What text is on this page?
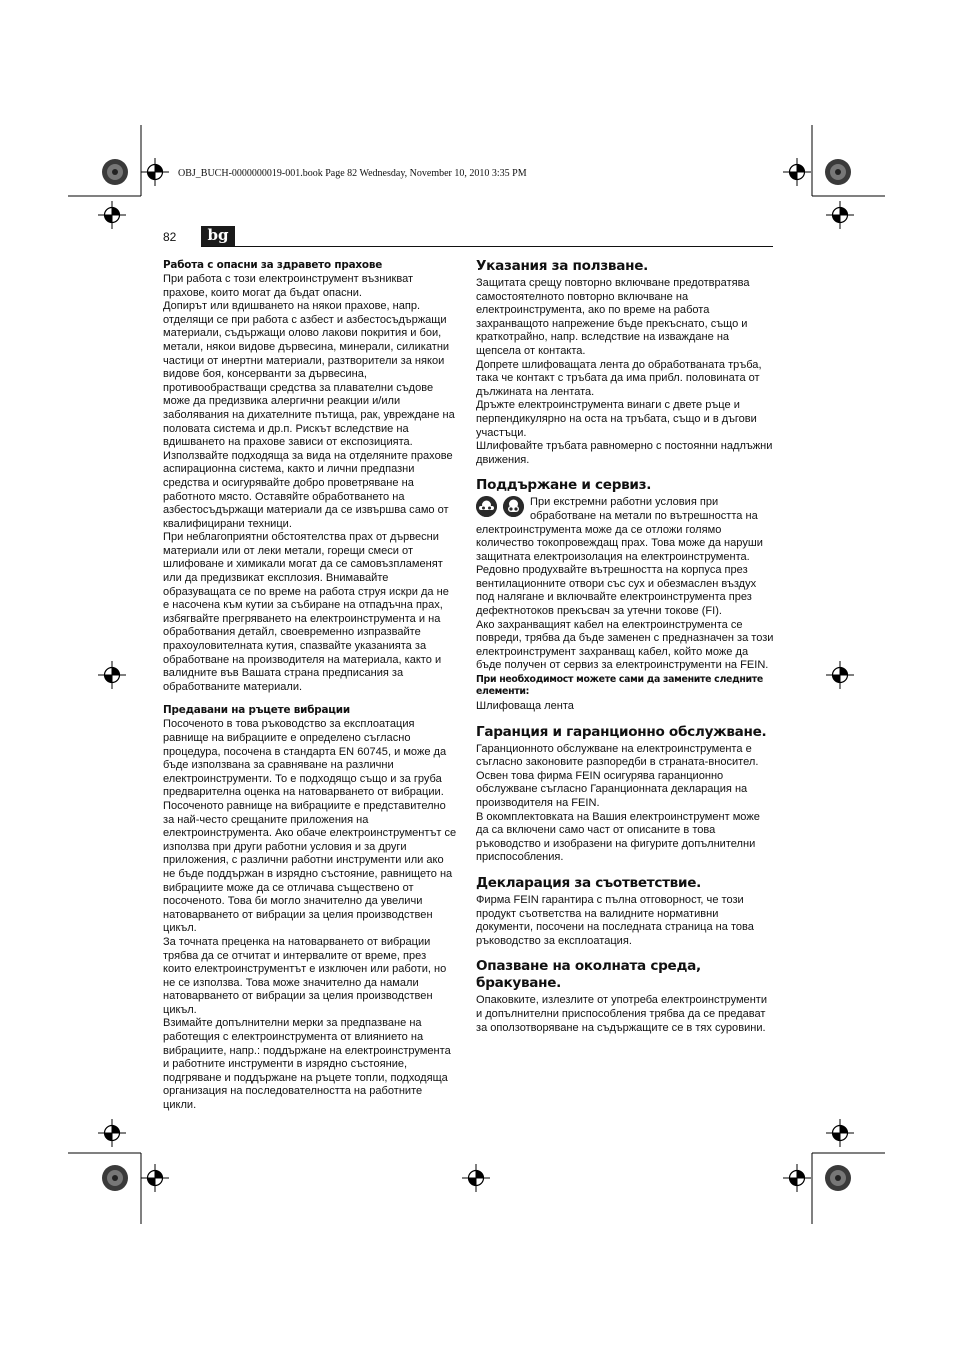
OBJ_BUCH-0000000019-001.book Page 82 Wednesday, November 10, 2010 3:35 PM
82	bg
Работа с опасни за здравето прахове

При работа с този електроинструмент възникват прахове, които могат да бъдат опасни.

Допирът или вдишването на някои прахове, напр. отделящи се при работа с азбест и азбестосъдържащи материали, съдържащи олово лакови покрития и бои, метали, някои видове дървесина, минерали, силикатни частици от инертни материали, разтворители за някои видове боя, консерванти за дървесина, противообрастващи средства за плавателни съдове може да предизвика алергични реакции и/или заболявания на дихателните пътища, рак, увреждане на половата система и др.п. Рискът вследствие на вдишването на прахове зависи от експозицията. Използвайте подходяща за вида на отделяните прахове аспирационна система, както и лични предпазни средства и осигурявайте добро проветряване на работното място. Оставяйте обработването на азбестосъдържащи материали да се извършва само от квалифицирани техници.

При неблагоприятни обстоятелства прах от дървесни материали или от леки метали, горещи смеси от шлифоване и химикали могат да се самовъзпламенят или да предизвикат експлозия. Внимавайте образуващата се по време на работа струя искри да не е насочена към кутии за събиране на отпадъчна прах, избягвайте прегряването на електроинструмента и на обработвания детайл, своевременно изпразвайте прахоуловителната кутия, спазвайте указанията за обработване на производителя на материала, както и валидните във Вашата страна предписания за обработваните материали.

Предавани на ръцете вибрации

Посоченото в това ръководство за експлоатация равнище на вибрациите е определено съгласно процедура, посочена в стандарта EN 60745, и може да бъде използвана за сравняване на различни електроинструменти. То е подходящо също и за груба предварителна оценка на натоварването от вибрации.

Посоченото равнище на вибрациите е представително за най-често срещаните приложения на електроинструмента. Ако обаче електроинструментът се използва при други работни условия и за други приложения, с различни работни инструменти или ако не бъде поддържан в изрядно състояние, равнището на вибрациите може да се отличава съществено от посоченото. Това би могло значително да увеличи натоварването от вибрации за целия производствен цикъл.

За точната преценка на натоварването от вибрации трябва да се отчитат и интервалите от време, през които електроинструментът е изключен или работи, но не се използва. Това може значително да намали натоварването от вибрации за целия производствен цикъл.

Взимайте допълнителни мерки за предпазване на работещия с електроинструмента от влиянието на вибрациите, напр.: поддържане на електроинструмента и работните инструменти в изрядно състояние, подгряване и поддържане на ръцете топли, подходяща организация на последователността на работните цикли.

Указания за ползване.

Защитата срещу повторно включване предотвратява самостоятелното повторно включване на електроинструмента, ако по време на работа захранващото напрежение бъде прекъснато, също и краткотрайно, напр. вследствие на изваждане на щепсела от контакта.

Допрете шлифоващата лента до обработваната тръба, така че контакт с тръбата да има прибл. половината от дължината на лентата.

Дръжте електроинструмента винаги с двете ръце и перпендикулярно на оста на тръбата, също и в дъгови участъци.

Шлифовайте тръбата равномерно с постоянни надлъжни движения.

Поддържане и сервиз.

При екстремни работни условия при обработване на метали по вътрешността на електроинструмента може да се отложи голямо количество токопровеждащ прах. Това може да наруши защитната електроизолация на електроинструмента. Редовно продухвайте вътрешността на корпуса през вентилационните отвори със сух и обезмаслен въздух под налягане и включвайте електроинструмента през дефектнотоков прекъсвач за утечни токове (FI).

Ако захранващият кабел на електроинструмента се повреди, трябва да бъде заменен с предназначен за този електроинструмент захранващ кабел, който може да бъде получен от сервиз за електроинструменти на FEIN.

При необходимост можете сами да замените следните елементи:

Шлифоваща лента

Гаранция и гаранционно обслужване.

Гаранционното обслужване на електроинструмента е съгласно законовите разпоредби в страната-вносител. Освен това фирма FEIN осигурява гаранционно обслужване съгласно Гаранционната декларация на производителя на FEIN.

В окомплектовката на Вашия електроинструмент може да са включени само част от описаните в това ръководство и изобразени на фигурите допълнителни приспособления.

Декларация за съответствие.

Фирма FEIN гарантира с пълна отговорност, че този продукт съответства на валидните нормативни документи, посочени на последната страница на това ръководство за експлоатация.

Опазване на околната среда, бракуване.

Опаковките, излезлите от употреба електроинструменти и допълнителни приспособления трябва да се предават за оползотворяване на съдържащите се в тях суровини.
